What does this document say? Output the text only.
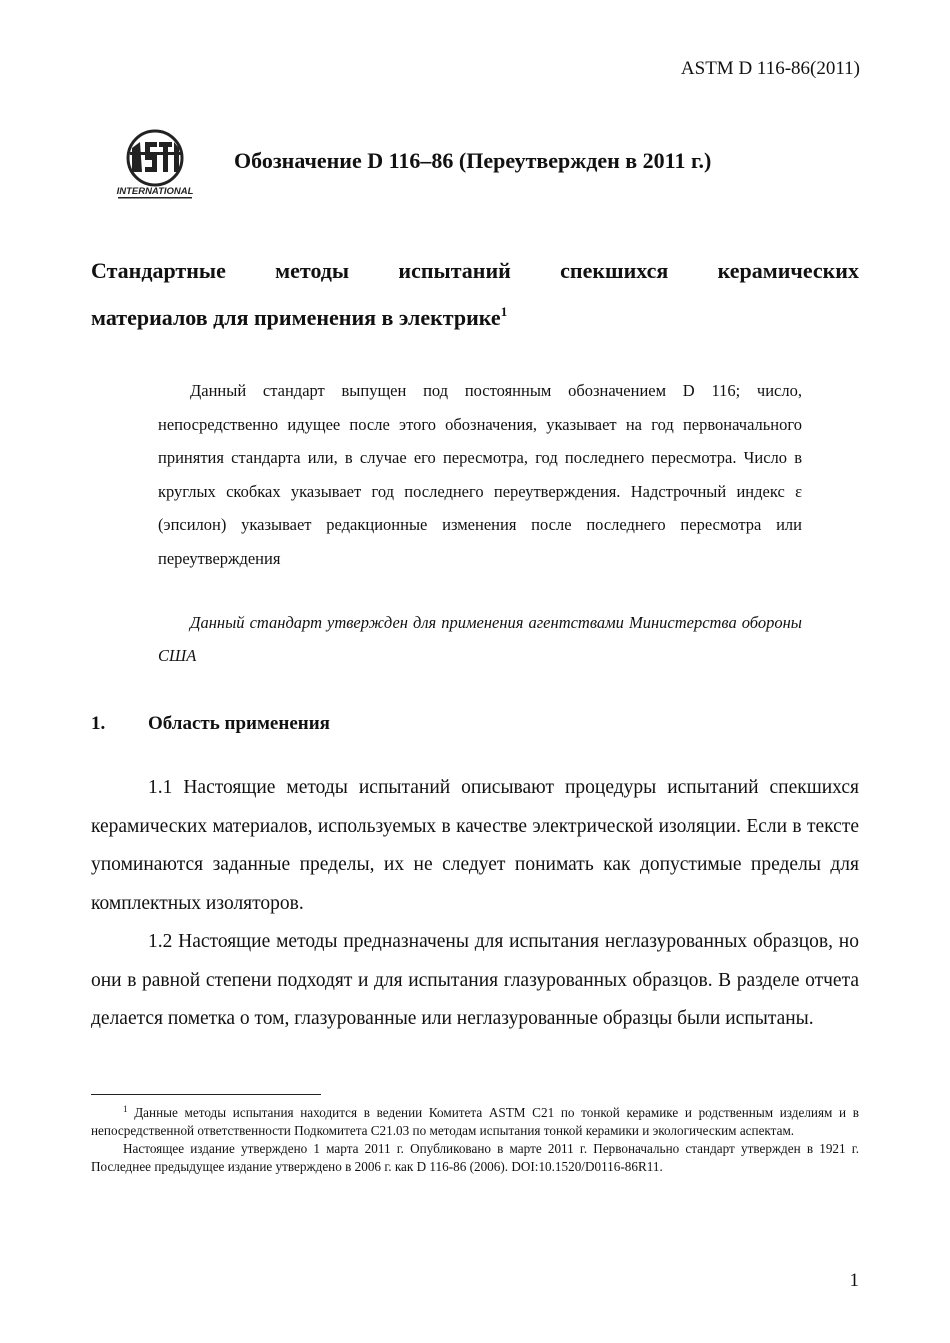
ASTM D 116-86(2011)
INTERNATIONAL
Обозначение D 116–86 (Переутвержден в 2011 г.)
Стандартные методы испытаний спекшихся керамических
материалов для применения в электрике$^1$

Данный стандарт выпущен под постоянным обозначением D 116; число, непосредственно идущее после этого обозначения, указывает на год первоначального принятия стандарта или, в случае его пересмотра, год последнего пересмотра. Число в круглых скобках указывает год последнего переутверждения. Надстрочный индекс ε (эпсилон) указывает редакционные изменения после последнего пересмотра или переутверждения

Данный стандарт утвержден для применения агентствами Министерства обороны США

1. Область применения

1.1 Настоящие методы испытаний описывают процедуры испытаний спекшихся керамических материалов, используемых в качестве электрической изоляции. Если в тексте упоминаются заданные пределы, их не следует понимать как допустимые пределы для комплектных изоляторов.

1.2 Настоящие методы предназначены для испытания неглазурованных образцов, но они в равной степени подходят и для испытания глазурованных образцов. В разделе отчета делается пометка о том, глазурованные или неглазурованные образцы были испытаны.

$^1$ Данные методы испытания находится в ведении Комитета ASTM C21 по тонкой керамике и родственным изделиям и в непосредственной ответственности Подкомитета C21.03 по методам испытания тонкой керамики и экологическим аспектам.

Настоящее издание утверждено 1 марта 2011 г. Опубликовано в марте 2011 г. Первоначально стандарт утвержден в 1921 г. Последнее предыдущее издание утверждено в 2006 г. как D 116-86 (2006). DOI:10.1520/D0116-86R11.

1
